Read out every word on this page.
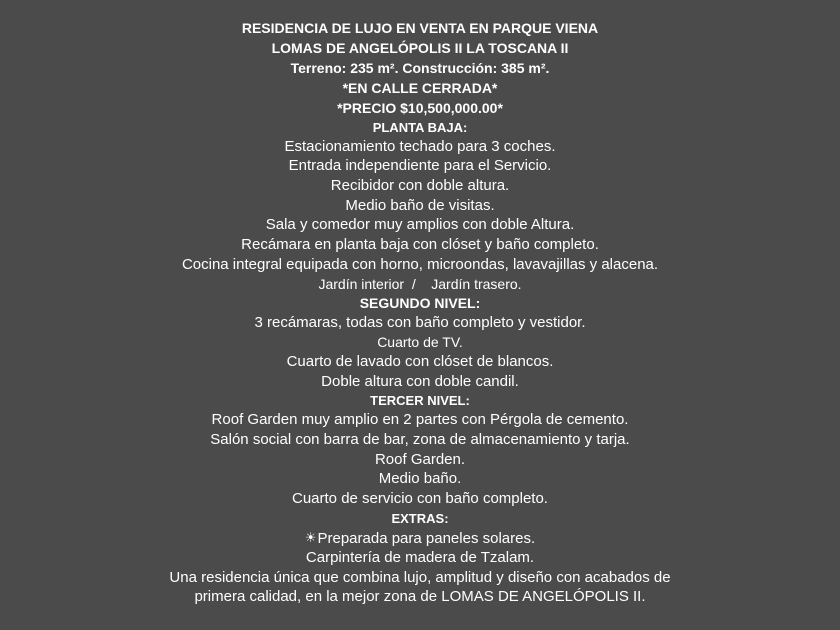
RESIDENCIA DE LUJO EN VENTA EN PARQUE VIENA
LOMAS DE ANGELÓPOLIS II LA TOSCANA II
Terreno: 235 m². Construcción: 385 m².
*EN CALLE CERRADA*
*PRECIO $10,500,000.00*
PLANTA BAJA:
Estacionamiento techado para 3 coches.
Entrada independiente para el Servicio.
Recibidor con doble altura.
Medio baño de visitas.
Sala y comedor muy amplios con doble Altura.
Recámara en planta baja con clóset y baño completo.
Cocina integral equipada con horno, microondas, lavavajillas y alacena.
Jardín interior  /    Jardín trasero.
SEGUNDO NIVEL:
3 recámaras, todas con baño completo y vestidor.
Cuarto de TV.
Cuarto de lavado con clóset de blancos.
Doble altura con doble candil.
TERCER NIVEL:
Roof Garden muy amplio en 2 partes con Pérgola de cemento.
Salón social con barra de bar, zona de almacenamiento y tarja.
Roof Garden.
Medio baño.
Cuarto de servicio con baño completo.
EXTRAS:
☀Preparada para paneles solares.
Carpintería de madera de Tzalam.
Una residencia única que combina lujo, amplitud y diseño con acabados de
primera calidad, en la mejor zona de LOMAS DE ANGELÓPOLIS II.
